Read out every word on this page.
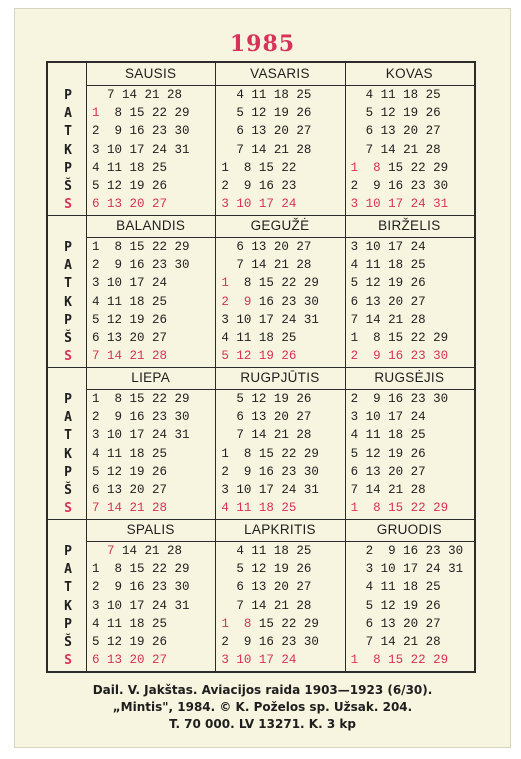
1985
P
A
T
K
P
Š
S
SAUSIS
7 14 21 28
1  8 15 22 29
2  9 16 23 30
3 10 17 24 31
4 11 18 25
5 12 19 26
6 13 20 27
VASARIS
4 11 18 25
5 12 19 26
6 13 20 27
7 14 21 28
1  8 15 22
2  9 16 23
3 10 17 24
KOVAS
4 11 18 25
5 12 19 26
6 13 20 27
7 14 21 28
1  8 15 22 29
2  9 16 23 30
3 10 17 24 31
P
A
T
K
P
Š
S
BALANDIS
1  8 15 22 29
2  9 16 23 30
3 10 17 24
4 11 18 25
5 12 19 26
6 13 20 27
7 14 21 28
GEGUŽĖ
6 13 20 27
7 14 21 28
1  8 15 22 29
2  9 16 23 30
3 10 17 24 31
4 11 18 25
5 12 19 26
BIRŽELIS
3 10 17 24
4 11 18 25
5 12 19 26
6 13 20 27
7 14 21 28
1  8 15 22 29
2  9 16 23 30
P
A
T
K
P
Š
S
LIEPA
1  8 15 22 29
2  9 16 23 30
3 10 17 24 31
4 11 18 25
5 12 19 26
6 13 20 27
7 14 21 28
RUGPJŪTIS
5 12 19 26
6 13 20 27
7 14 21 28
1  8 15 22 29
2  9 16 23 30
3 10 17 24 31
4 11 18 25
RUGSĖJIS
2  9 16 23 30
3 10 17 24
4 11 18 25
5 12 19 26
6 13 20 27
7 14 21 28
1  8 15 22 29
P
A
T
K
P
Š
S
SPALIS
7 14 21 28
1  8 15 22 29
2  9 16 23 30
3 10 17 24 31
4 11 18 25
5 12 19 26
6 13 20 27
LAPKRITIS
4 11 18 25
5 12 19 26
6 13 20 27
7 14 21 28
1  8 15 22 29
2  9 16 23 30
3 10 17 24
GRUODIS
2  9 16 23 30
3 10 17 24 31
4 11 18 25
5 12 19 26
6 13 20 27
7 14 21 28
1  8 15 22 29
Dail. V. Jakštas. Aviacijos raida 1903—1923 (6/30).
„Mintis", 1984. © K. Poželos sp. Užsak. 204.
T. 70 000. LV 13271. K. 3 kp
